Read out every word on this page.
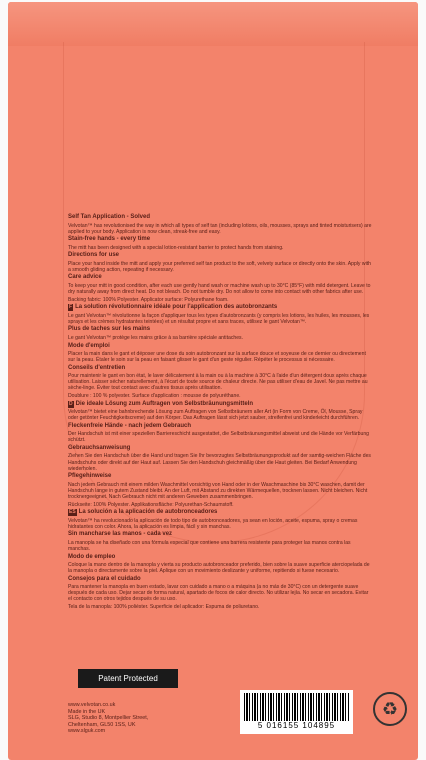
Self Tan Application - Solved

Velvotan™ has revolutionised the way in which all types of self tan (including lotions, oils, mousses, sprays and tinted moisturisers) are applied to your body. Application is now clean, streak-free and easy.

Stain-free hands - every time

The mitt has been designed with a special lotion-resistant barrier to protect hands from staining.

Directions for use

Place your hand inside the mitt and apply your preferred self tan product to the soft, velvety surface or directly onto the skin. Apply with a smooth gliding action, repeating if necessary.

Care advice

To keep your mitt in good condition, after each use gently hand wash or machine wash up to 30°C (85°F) with mild detergent. Leave to dry naturally away from direct heat. Do not bleach. Do not tumble dry. Do not allow to come into contact with other fabrics after use.

Backing fabric: 100% Polyester. Applicator surface: Polyurethane foam.

F La solution révolutionnaire idéale pour l'application des autobronzants

Le gant Velvotan™ révolutionne la façon d'appliquer tous les types d'autobronzants (y compris les lotions, les huiles, les mousses, les sprays et les crèmes hydratantes teintées) et un résultat propre et sans traces, utilisez le gant Velvotan™.

Plus de taches sur les mains

Le gant Velvotan™ protège les mains grâce à sa barrière spéciale antitaches.

Mode d'emploi

Placer la main dans le gant et déposer une dose du soin autobronzant sur la surface douce et soyeuse de ce dernier ou directement sur la peau. Étaler le soin sur la peau en faisant glisser le gant d'un geste régulier. Répéter le processus si nécessaire.

Conseils d'entretien

Pour maintenir le gant en bon état, le laver délicatement à la main ou à la machine à 30°C à l'aide d'un détergent doux après chaque utilisation. Laisser sécher naturellement, à l'écart de toute source de chaleur directe. Ne pas utiliser d'eau de Javel. Ne pas mettre au sèche-linge. Éviter tout contact avec d'autres tissus après utilisation.

Doublure : 100 % polyester. Surface d'application : mousse de polyuréthane.

D Die ideale Lösung zum Auftragen von Selbstbräunungsmitteln

Velvotan™ bietet eine bahnbrechende Lösung zum Auftragen von Selbstbräunern aller Art (in Form von Creme, Öl, Mousse, Spray oder getönter Feuchtigkeitscreme) auf den Körper. Das Auftragen lässt sich jetzt sauber, streifenfrei und kinderleicht durchführen.

Fleckenfreie Hände - nach jedem Gebrauch

Der Handschuh ist mit einer speziellen Barriereschicht ausgestattet, die Selbstbräunungsmittel abweist und die Hände vor Verfärbung schützt.

Gebrauchsanweisung

Ziehen Sie den Handschuh über die Hand und tragen Sie Ihr bevorzugtes Selbstbräunungsprodukt auf der samtig-weichen Fläche des Handschuhs oder direkt auf der Haut auf. Lassen Sie den Handschuh gleichmäßig über die Haut gleiten. Bei Bedarf Anwendung wiederholen.

Pflegehinweise

Nach jedem Gebrauch mit einem milden Waschmittel vorsichtig von Hand oder in der Waschmaschine bis 30°C waschen, damit der Handschuh lange in gutem Zustand bleibt. An der Luft, mit Abstand zu direkten Wärmequellen, trocknen lassen. Nicht bleichen. Nicht trocknergeeignet. Nach Gebrauch nicht mit anderen Geweben zusammenbringen.

Rückseite: 100% Polyester. Applikationsfläche: Polyurethan-Schaumstoff.

ES La solución a la aplicación de autobronceadores

Velvotan™ ha revolucionado la aplicación de todo tipo de autobronceadores, ya sean en loción, aceite, espuma, spray o cremas hidratantes con color. Ahora, la aplicación es limpia, fácil y sin manchas.

Sin mancharse las manos - cada vez

La manopla se ha diseñado con una fórmula especial que contiene una barrera resistente para proteger las manos contra las manchas.

Modo de empleo

Coloque la mano dentro de la manopla y vierta su producto autobronceador preferido, bien sobre la suave superficie aterciopelada de la manopla o directamente sobre la piel. Aplique con un movimiento deslizante y uniforme, repitiendo si fuese necesario.

Consejos para el cuidado

Para mantener la manopla en buen estado, lavar con cuidado a mano o a máquina (a no más de 30°C) con un detergente suave después de cada uso. Dejar secar de forma natural, apartado de focos de calor directo. No utilizar lejía. No secar en secadora. Evitar el contacto con otros tejidos después de su uso.

Tela de la manopla: 100% poliéster. Superficie del aplicador: Espuma de poliuretano.

Patent Protected
www.velvotan.co.uk
Made in the UK
SLG, Studio 8, Montpellier Street,
Cheltenham, GL50 1SS, UK
www.slguk.com
5 016155 104895
♻
